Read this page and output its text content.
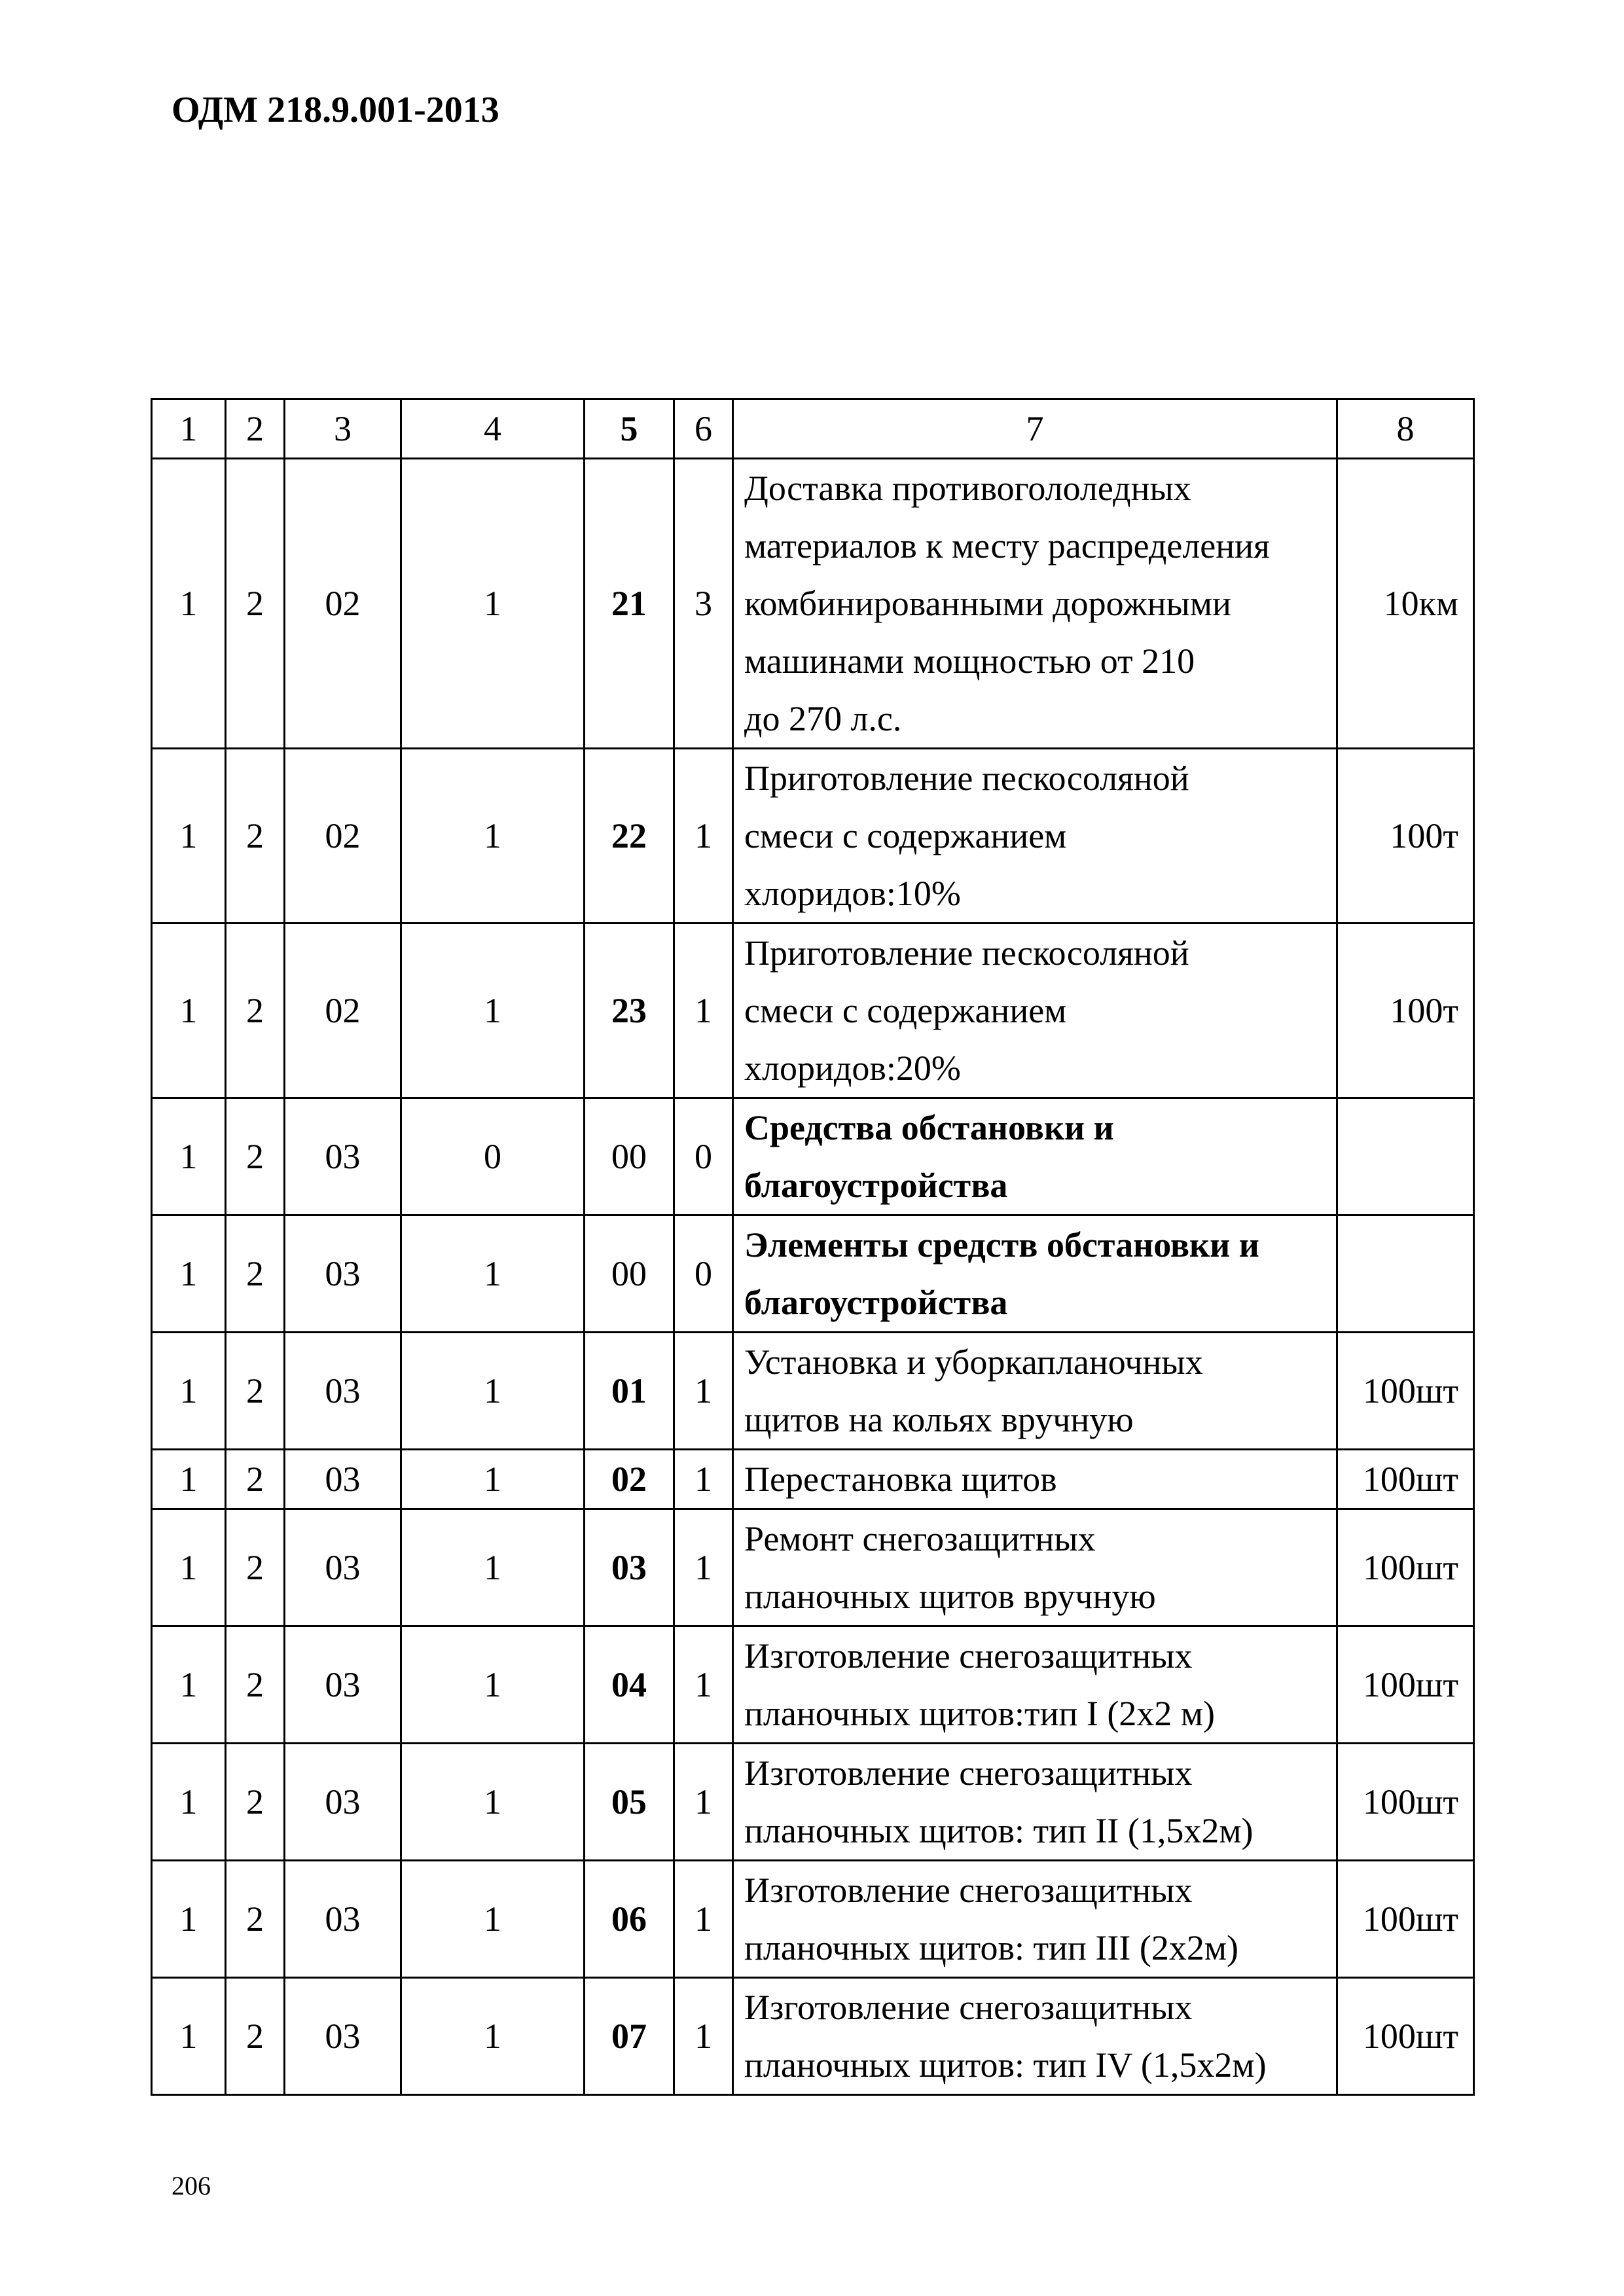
ОДМ 218.9.001-2013
1	2	3	4	5	6	7	8
1	2	02	1	21	3	Доставка противогололедных
материалов к месту распределения
комбинированными дорожными
машинами мощностью от 210
до 270 л.с.	10км
1	2	02	1	22	1	Приготовление пескосоляной
смеси с содержанием
хлоридов:10%	100т
1	2	02	1	23	1	Приготовление пескосоляной
смеси с содержанием
хлоридов:20%	100т
1	2	03	0	00	0	Средства обстановки и
благоустройства	

1	2	03	1	00	0	Элементы средств обстановки и
благоустройства	

1	2	03	1	01	1	Установка и уборкапланочных
щитов на кольях вручную	100шт
1	2	03	1	02	1	Перестановка щитов	100шт
1	2	03	1	03	1	Ремонт снегозащитных
планочных щитов вручную	100шт
1	2	03	1	04	1	Изготовление снегозащитных
планочных щитов:тип I (2х2 м)	100шт
1	2	03	1	05	1	Изготовление снегозащитных
планочных щитов: тип II (1,5х2м)	100шт
1	2	03	1	06	1	Изготовление снегозащитных
планочных щитов: тип III (2х2м)	100шт
1	2	03	1	07	1	Изготовление снегозащитных
планочных щитов: тип IV (1,5х2м)	100шт
206
